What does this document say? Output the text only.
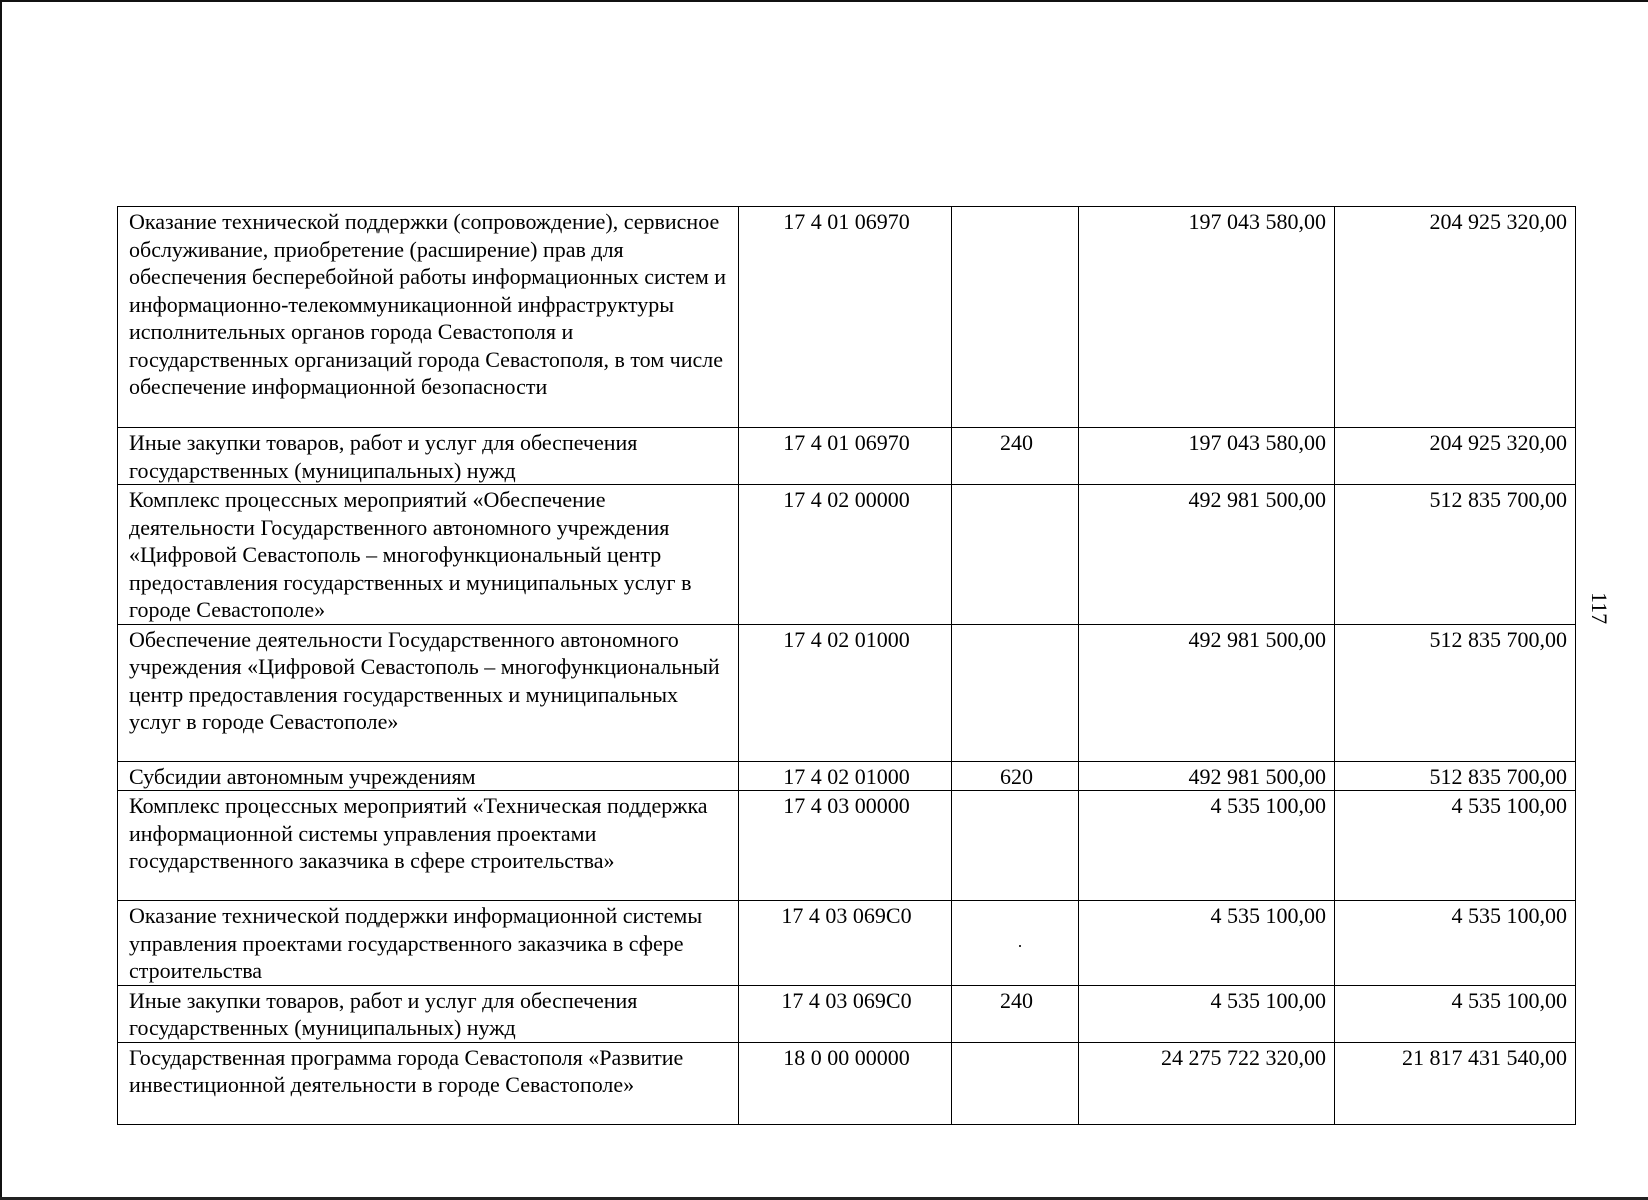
117
Оказание технической поддержки (сопровождение), сервисное обслуживание, приобретение (расширение) прав для обеспечения бесперебойной работы информационных систем и информационно-телекоммуникационной инфраструктуры исполнительных органов города Севастополя и государственных организаций города Севастополя, в том числе обеспечение информационной безопасности	17 4 01 06970		197 043 580,00	204 925 320,00
Иные закупки товаров, работ и услуг для обеспечения государственных (муниципальных) нужд	17 4 01 06970	240	197 043 580,00	204 925 320,00
Комплекс процессных мероприятий «Обеспечение деятельности Государственного автономного учреждения «Цифровой Севастополь – многофункциональный центр предоставления государственных и муниципальных услуг в городе Севастополе»	17 4 02 00000		492 981 500,00	512 835 700,00
Обеспечение деятельности Государственного автономного учреждения «Цифровой Севастополь – многофункциональный центр предоставления государственных и муниципальных услуг в городе Севастополе»	17 4 02 01000		492 981 500,00	512 835 700,00
Субсидии автономным учреждениям	17 4 02 01000	620	492 981 500,00	512 835 700,00
Комплекс процессных мероприятий «Техническая поддержка информационной системы управления проектами государственного заказчика в сфере строительства»	17 4 03 00000		4 535 100,00	4 535 100,00
Оказание технической поддержки информационной системы управления проектами государственного заказчика в сфере строительства	17 4 03 069С0		4 535 100,00	4 535 100,00
Иные закупки товаров, работ и услуг для обеспечения государственных (муниципальных) нужд	17 4 03 069С0	240	4 535 100,00	4 535 100,00
Государственная программа города Севастополя «Развитие инвестиционной деятельности в городе Севастополе»	18 0 00 00000		24 275 722 320,00	21 817 431 540,00
